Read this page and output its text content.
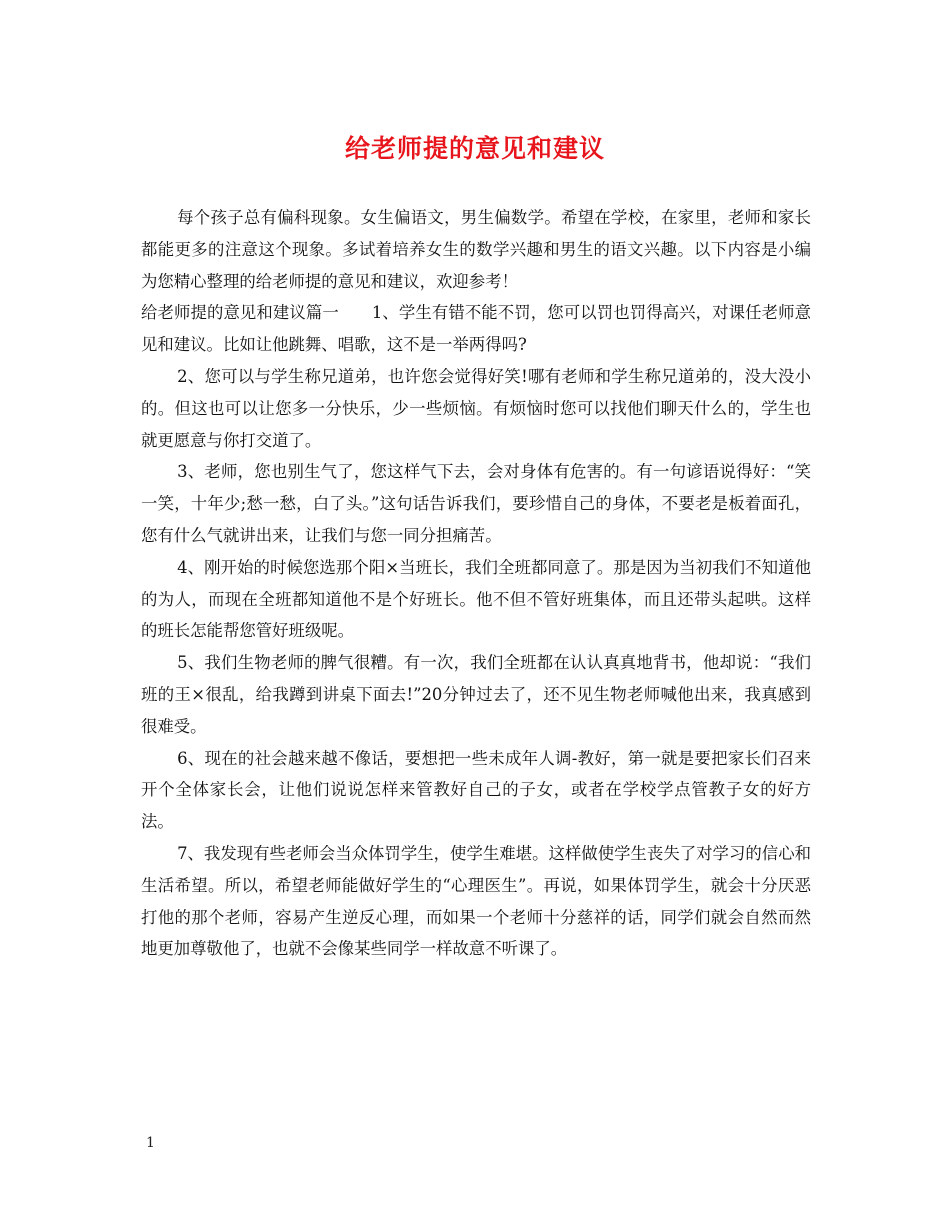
给老师提的意见和建议

每个孩子总有偏科现象。女生偏语文，男生偏数学。希望在学校，在家里，老师和家长都能更多的注意这个现象。多试着培养女生的数学兴趣和男生的语文兴趣。以下内容是小编为您精心整理的给老师提的意见和建议，欢迎参考！

给老师提的意见和建议篇一　　1、学生有错不能不罚，您可以罚也罚得高兴，对课任老师意见和建议。比如让他跳舞、唱歌，这不是一举两得吗?

2、您可以与学生称兄道弟，也许您会觉得好笑!哪有老师和学生称兄道弟的，没大没小的。但这也可以让您多一分快乐，少一些烦恼。有烦恼时您可以找他们聊天什么的，学生也就更愿意与你打交道了。

3、老师，您也别生气了，您这样气下去，会对身体有危害的。有一句谚语说得好：“笑一笑，十年少;愁一愁，白了头。”这句话告诉我们，要珍惜自己的身体，不要老是板着面孔，您有什么气就讲出来，让我们与您一同分担痛苦。

4、刚开始的时候您选那个阳×当班长，我们全班都同意了。那是因为当初我们不知道他的为人，而现在全班都知道他不是个好班长。他不但不管好班集体，而且还带头起哄。这样的班长怎能帮您管好班级呢。

5、我们生物老师的脾气很糟。有一次，我们全班都在认认真真地背书，他却说：“我们班的王×很乱，给我蹲到讲桌下面去!”20分钟过去了，还不见生物老师喊他出来，我真感到很难受。

6、现在的社会越来越不像话，要想把一些未成年人调-教好，第一就是要把家长们召来开个全体家长会，让他们说说怎样来管教好自己的子女，或者在学校学点管教子女的好方法。

7、我发现有些老师会当众体罚学生，使学生难堪。这样做使学生丧失了对学习的信心和生活希望。所以，希望老师能做好学生的“心理医生”。再说，如果体罚学生，就会十分厌恶打他的那个老师，容易产生逆反心理，而如果一个老师十分慈祥的话，同学们就会自然而然地更加尊敬他了，也就不会像某些同学一样故意不听课了。

1
